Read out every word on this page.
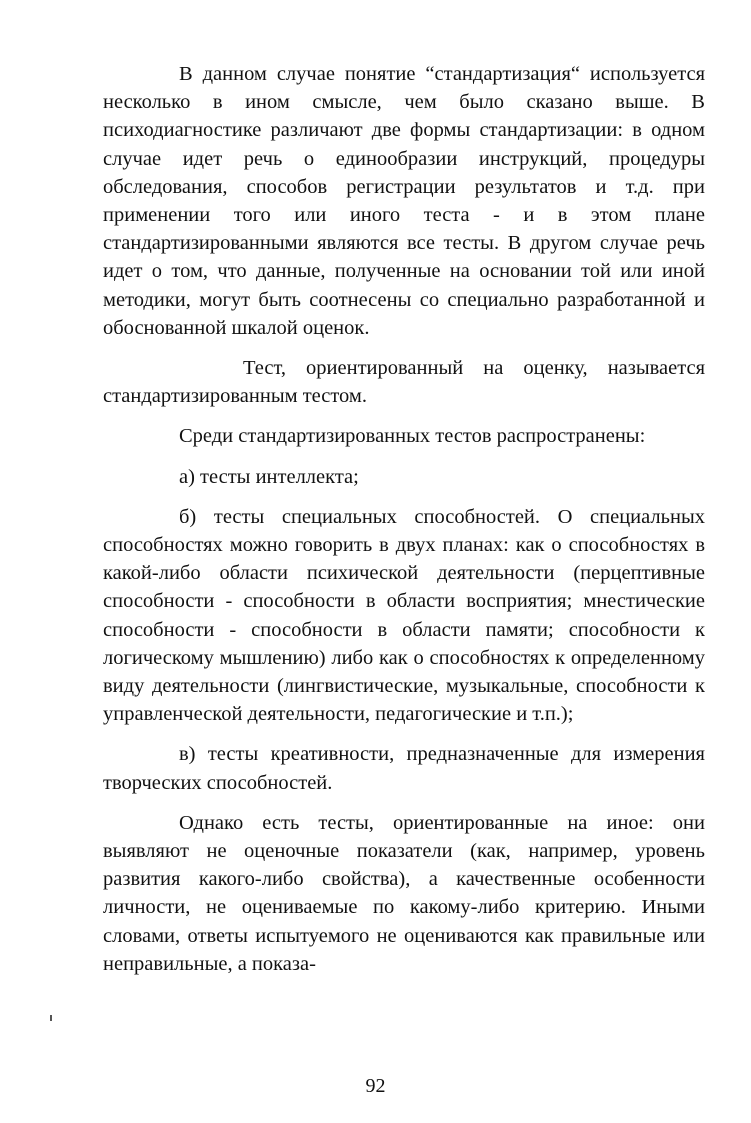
В данном случае понятие “стандартизация“ используется несколько в ином смысле, чем было сказано выше. В психодиагностике различают две формы стандартизации: в одном случае идет речь о единообразии инструкций, процедуры обследования, способов регистрации результатов и т.д. при применении того или иного теста - и в этом плане стандартизированными являются все тесты. В другом случае речь идет о том, что данные, полученные на основании той или иной методики, могут быть соотнесены со специально разработанной и обоснованной шкалой оценок.

Тест, ориентированный на оценку, называется стандартизированным тестом.

Среди стандартизированных тестов распространены:

а) тесты интеллекта;

б) тесты специальных способностей. О специальных способностях можно говорить в двух планах: как о способностях в какой-либо области психической деятельности (перцептивные способности - способности в области восприятия; мнестические способности - способности в области памяти; способности к логическому мышлению) либо как о способностях к определенному виду деятельности (лингвистические, музыкальные, способности к управленческой деятельности, педагогические и т.п.);

в) тесты креативности, предназначенные для измерения творческих способностей.

Однако есть тесты, ориентированные на иное: они выявляют не оценочные показатели (как, например, уровень развития какого-либо свойства), а качественные особенности личности, не оцениваемые по какому-либо критерию. Иными словами, ответы испытуемого не оцениваются как правильные или неправильные, а показа-

92
